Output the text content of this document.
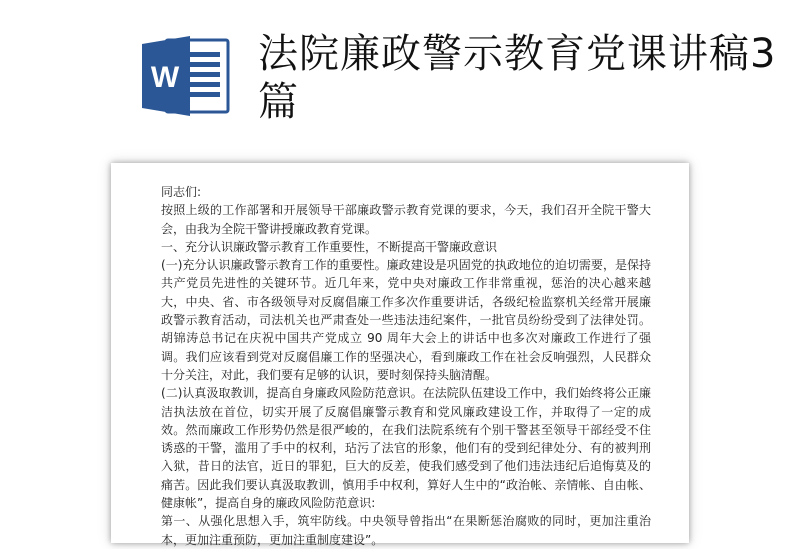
W
法院廉政警示教育党课讲稿3篇

同志们:

按照上级的工作部署和开展领导干部廉政警示教育党课的要求，今天，我们召开全院干警大会，由我为全院干警讲授廉政教育党课。

一、充分认识廉政警示教育工作重要性，不断提高干警廉政意识

(一)充分认识廉政警示教育工作的重要性。廉政建设是巩固党的执政地位的迫切需要，是保持共产党员先进性的关键环节。近几年来，党中央对廉政工作非常重视，惩治的决心越来越大，中央、省、市各级领导对反腐倡廉工作多次作重要讲话，各级纪检监察机关经常开展廉政警示教育活动，司法机关也严肃查处一些违法违纪案件，一批官员纷纷受到了法律处罚。胡锦涛总书记在庆祝中国共产党成立 90 周年大会上的讲话中也多次对廉政工作进行了强调。我们应该看到党对反腐倡廉工作的坚强决心，看到廉政工作在社会反响强烈，人民群众十分关注，对此，我们要有足够的认识，要时刻保持头脑清醒。

(二)认真汲取教训，提高自身廉政风险防范意识。在法院队伍建设工作中，我们始终将公正廉洁执法放在首位，切实开展了反腐倡廉警示教育和党风廉政建设工作，并取得了一定的成效。然而廉政工作形势仍然是很严峻的，在我们法院系统有个别干警甚至领导干部经受不住诱惑的干警，滥用了手中的权利，玷污了法官的形象，他们有的受到纪律处分、有的被判刑入狱，昔日的法官，近日的罪犯，巨大的反差，使我们感受到了他们违法违纪后追悔莫及的痛苦。因此我们要认真汲取教训，慎用手中权利，算好人生中的“政治帐、亲情帐、自由帐、健康帐”，提高自身的廉政风险防范意识:

第一、从强化思想入手，筑牢防线。中央领导曾指出“在果断惩治腐败的同时，更加注重治本，更加注重预防，更加注重制度建设”。
